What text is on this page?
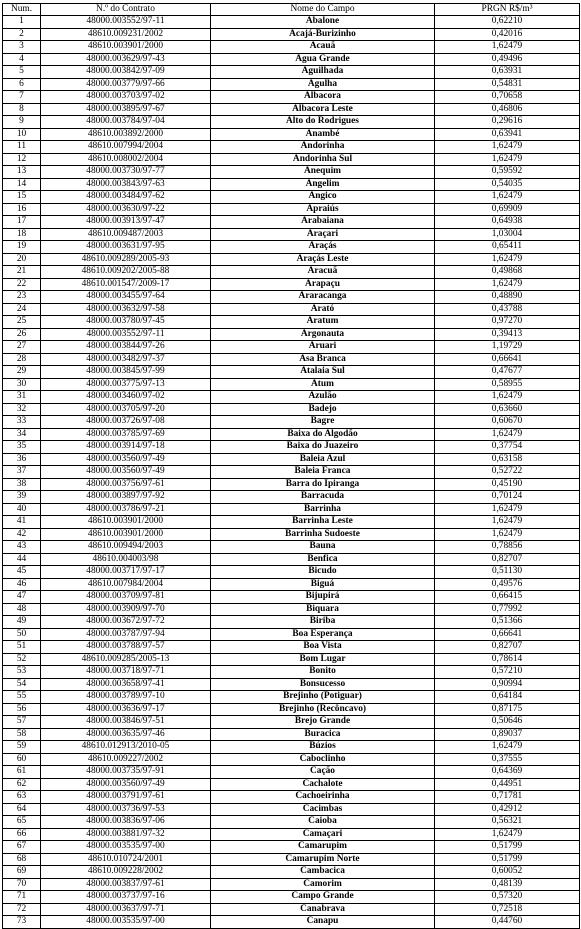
Num.	N.º do Contrato	Nome do Campo	PRGN R$/m³
1	48000.003552/97-11	Abalone	0,62210
2	48610.009231/2002	Acajá-Burizinho	0,42016
3	48610.003901/2000	Acauã	1,62479
4	48000.003629/97-43	Água Grande	0,49496
5	48000.003842/97-09	Aguilhada	0,63931
6	48000.003779/97-66	Agulha	0,54831
7	48000.003703/97-02	Albacora	0,70658
8	48000.003895/97-67	Albacora Leste	0,46806
9	48000.003784/97-04	Alto do Rodrigues	0,29616
10	48610.003892/2000	Anambé	0,63941
11	48610.007994/2004	Andorinha	1,62479
12	48610.008002/2004	Andorinha Sul	1,62479
13	48000.003730/97-77	Anequim	0,59592
14	48000.003843/97-63	Angelim	0,54035
15	48000.003484/97-62	Angico	1,62479
16	48000.003630/97-22	Apraiús	0,69909
17	48000.003913/97-47	Arabaiana	0,64938
18	48610.009487/2003	Araçari	1,03004
19	48000.003631/97-95	Araçás	0,65411
20	48610.009289/2005-93	Araçás Leste	1,62479
21	48610.009202/2005-88	Aracuã	0,49868
22	48610.001547/2009-17	Arapaçu	1,62479
23	48000.003455/97-64	Araracanga	0,48890
24	48000.003632/97-58	Arató	0,43788
25	48000.003780/97-45	Aratum	0,97270
26	48000.003552/97-11	Argonauta	0,39413
27	48000.003844/97-26	Aruari	1,19729
28	48000.003482/97-37	Asa Branca	0,66641
29	48000.003845/97-99	Atalaia Sul	0,47677
30	48000.003775/97-13	Atum	0,58955
31	48000.003460/97-02	Azulão	1,62479
32	48000.003705/97-20	Badejo	0,63660
33	48000.003726/97-08	Bagre	0,60670
34	48000.003785/97-69	Baixa do Algodão	1,62479
35	48000.003914/97-18	Baixa do Juazeiro	0,37754
36	48000.003560/97-49	Baleia Azul	0,63158
37	48000.003560/97-49	Baleia Franca	0,52722
38	48000.003756/97-61	Barra do Ipiranga	0,45190
39	48000.003897/97-92	Barracuda	0,70124
40	48000.003786/97-21	Barrinha	1,62479
41	48610.003901/2000	Barrinha Leste	1,62479
42	48610.003901/2000	Barrinha Sudoeste	1,62479
43	48610.009494/2003	Bauna	0,78856
44	48610.004003/98	Benfica	0,82707
45	48000.003717/97-17	Bicudo	0,51130
46	48610.007984/2004	Biguá	0,49576
47	48000.003709/97-81	Bijupirá	0,66415
48	48000.003909/97-70	Biquara	0,77992
49	48000.003672/97-72	Biriba	0,51366
50	48000.003787/97-94	Boa Esperança	0,66641
51	48000.003788/97-57	Boa Vista	0,82707
52	48610.009285/2005-13	Bom Lugar	0,78614
53	48000.003718/97-71	Bonito	0,57210
54	48000.003658/97-41	Bonsucesso	0,90994
55	48000.003789/97-10	Brejinho (Potiguar)	0,64184
56	48000.003636/97-17	Brejinho (Recôncavo)	0,87175
57	48000.003846/97-51	Brejo Grande	0,50646
58	48000.003635/97-46	Buracica	0,89037
59	48610.012913/2010-05	Búzios	1,62479
60	48610.009227/2002	Caboclinho	0,37555
61	48000.003735/97-91	Cação	0,64369
62	48000.003560/97-49	Cachalote	0,44951
63	48000.003791/97-61	Cachoeirinha	0,71781
64	48000.003736/97-53	Cacimbas	0,42912
65	48000.003836/97-06	Caioba	0,56321
66	48000.003881/97-32	Camaçari	1,62479
67	48000.003535/97-00	Camarupim	0,51799
68	48610.010724/2001	Camarupim Norte	0,51799
69	48610.009228/2002	Cambacica	0,60052
70	48000.003837/97-61	Camorim	0,48139
71	48000.003737/97-16	Campo Grande	0,57320
72	48000.003637/97-71	Canabrava	0,72518
73	48000.003535/97-00	Canapu	0,44760
